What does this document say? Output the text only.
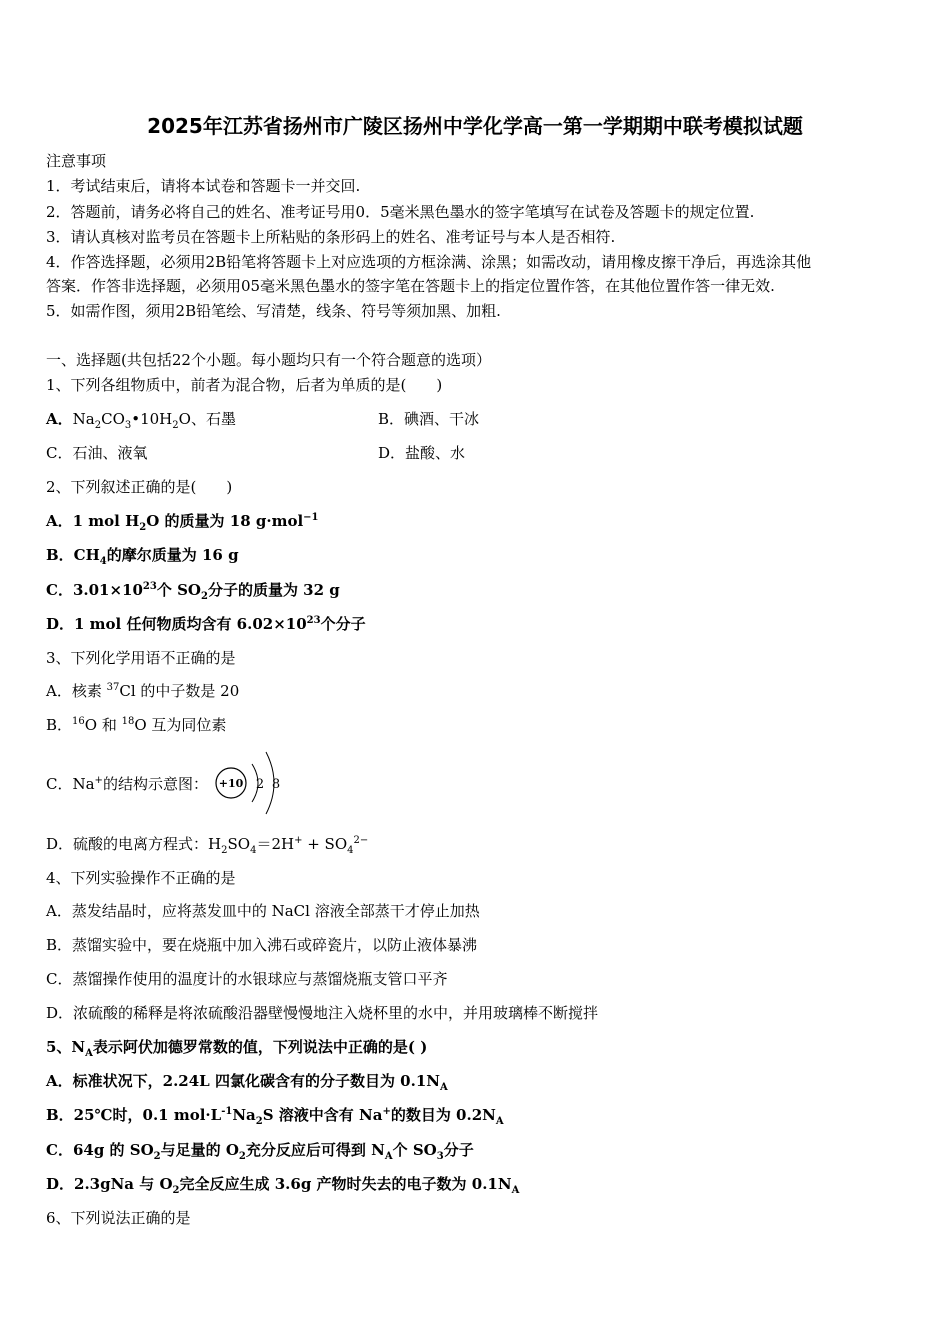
2025年江苏省扬州市广陵区扬州中学化学高一第一学期期中联考模拟试题
注意事项
1．考试结束后，请将本试卷和答题卡一并交回.
2．答题前，请务必将自己的姓名、准考证号用0．5毫米黑色墨水的签字笔填写在试卷及答题卡的规定位置.
3．请认真核对监考员在答题卡上所粘贴的条形码上的姓名、准考证号与本人是否相符.
4．作答选择题，必须用2B铅笔将答题卡上对应选项的方框涂满、涂黑；如需改动，请用橡皮擦干净后，再选涂其他
答案．作答非选择题，必须用05毫米黑色墨水的签字笔在答题卡上的指定位置作答，在其他位置作答一律无效.
5．如需作图，须用2B铅笔绘、写清楚，线条、符号等须加黑、加粗.
一、选择题(共包括22个小题。每小题均只有一个符合题意的选项）
1、下列各组物质中，前者为混合物，后者为单质的是(　　)
A．$Na_2CO_3•10H_2O$、石墨	B．碘酒、干冰
C．石油、液氧	D．盐酸、水
2、下列叙述正确的是(　　)
A．1 mol $H_2O$ 的质量为 18 g·mol$^{-1}$
B．$CH_4$的摩尔质量为 16 g
C．$3.01\times 10^{23}$个 $SO_2$分子的质量为 32 g
D．1 mol 任何物质均含有 $6.02\times 10^{23}$个分子
3、下列化学用语不正确的是
A．核素 $^{37}$Cl 的中子数是 20
B．$^{16}$O 和 $^{18}$O 互为同位素
C．Na+的结构示意图： +10 2 8
D．硫酸的电离方程式：$H_2SO_4=2H^+ + SO_4^{2-}$
4、下列实验操作不正确的是
A．蒸发结晶时，应将蒸发皿中的 NaCl 溶液全部蒸干才停止加热
B．蒸馏实验中，要在烧瓶中加入沸石或碎瓷片，以防止液体暴沸
C．蒸馏操作使用的温度计的水银球应与蒸馏烧瓶支管口平齐
D．浓硫酸的稀释是将浓硫酸沿器壁慢慢地注入烧杯里的水中，并用玻璃棒不断搅拌
5、$N_A$表示阿伏加德罗常数的值，下列说法中正确的是( )
A．标准状况下，2.24L 四氯化碳含有的分子数目为 $0.1N_A$
B．25℃时，0.1 $mol\cdot L^{-1}Na_2S$ 溶液中含有 Na+的数目为 $0.2N_A$
C．64g 的 $SO_2$与足量的 $O_2$充分反应后可得到 $N_A$个 $SO_3$分子
D．2.3gNa 与 $O_2$完全反应生成 3.6g 产物时失去的电子数为 $0.1N_A$
6、下列说法正确的是
